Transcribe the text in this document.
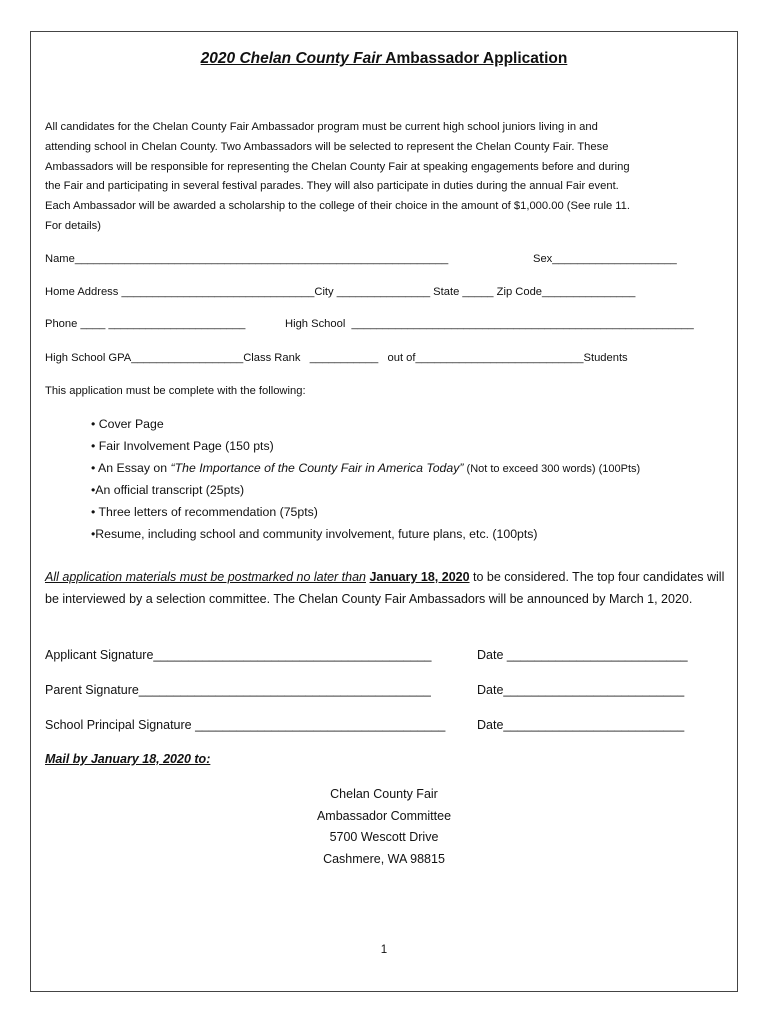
2020 Chelan County Fair Ambassador Application
All candidates for the Chelan County Fair Ambassador program must be current high school juniors living in and
attending school in Chelan County. Two Ambassadors will be selected to represent the Chelan County Fair. These
Ambassadors will be responsible for representing the Chelan County Fair at speaking engagements before and during
the Fair and participating in several festival parades. They will also participate in duties during the annual Fair event.
Each Ambassador will be awarded a scholarship to the college of their choice in the amount of $1,000.00 (See rule 11.
For details)
Name____________________________________________________________	Sex____________________
Home Address _______________________________City _______________ State _____ Zip Code_______________
Phone ____ ______________________	High School  _______________________________________________________
High School GPA__________________Class Rank   ___________   out of___________________________Students
This application must be complete with the following:
• Cover Page
• Fair Involvement Page (150 pts)
• An Essay on “The Importance of the County Fair in America Today” (Not to exceed 300 words) (100Pts)
•An official transcript (25pts)
• Three letters of recommendation (75pts)
•Resume, including school and community involvement, future plans, etc. (100pts)
All application materials must be postmarked no later than January 18, 2020 to be considered. The top four candidates will be interviewed by a selection committee. The Chelan County Fair Ambassadors will be announced by March 1, 2020.
Applicant Signature________________________________________	Date __________________________
Parent Signature__________________________________________	Date__________________________
School Principal Signature ____________________________________	Date__________________________
Mail by January 18, 2020 to:
Chelan County Fair
Ambassador Committee
5700 Wescott Drive
Cashmere, WA 98815
1
